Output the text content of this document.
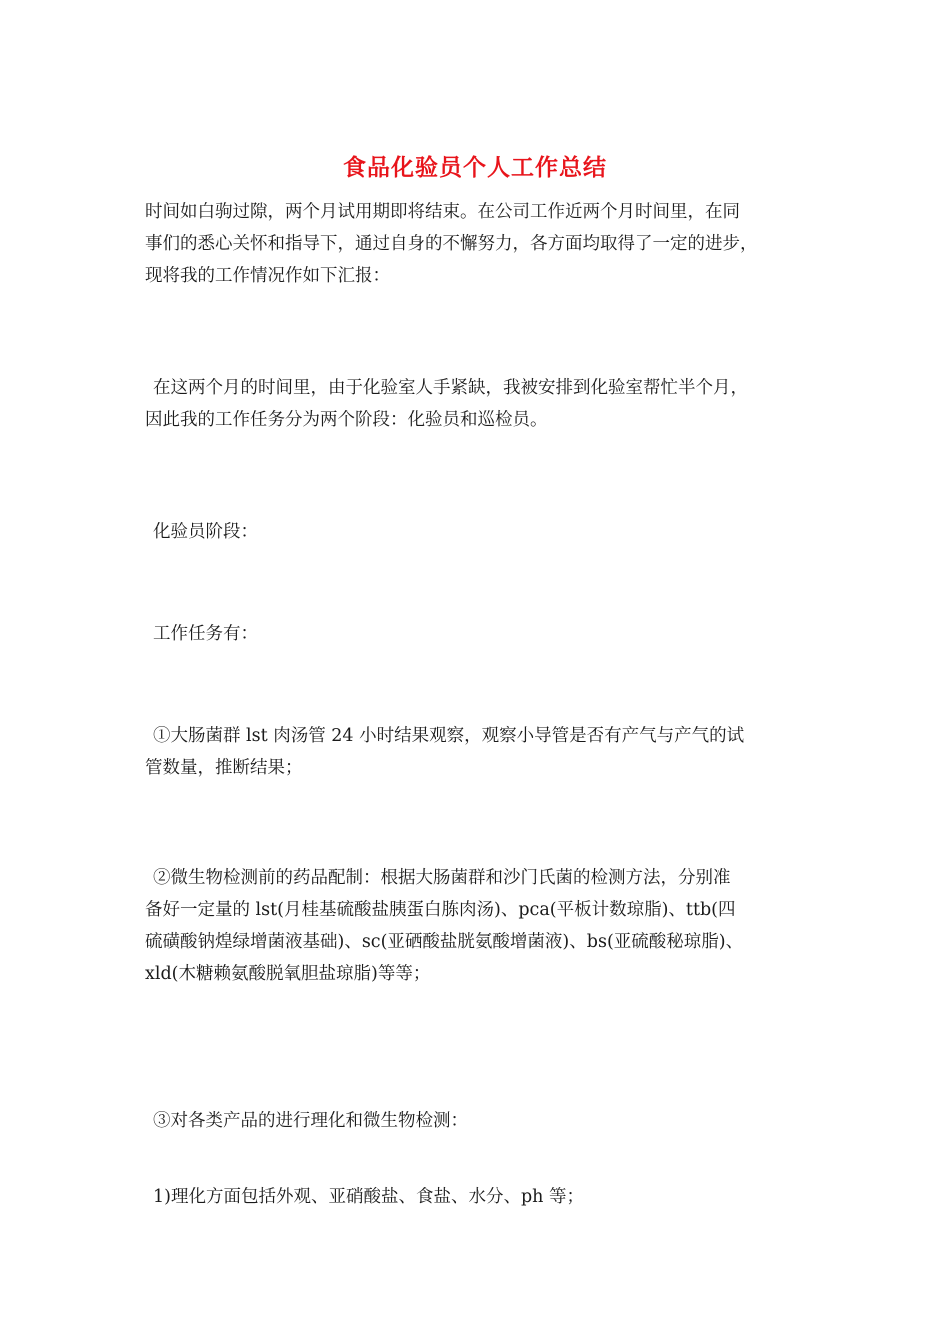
食品化验员个人工作总结
时间如白驹过隙，两个月试用期即将结束。在公司工作近两个月时间里，在同
事们的悉心关怀和指导下，通过自身的不懈努力，各方面均取得了一定的进步，
现将我的工作情况作如下汇报：
在这两个月的时间里，由于化验室人手紧缺，我被安排到化验室帮忙半个月，
因此我的工作任务分为两个阶段：化验员和巡检员。
化验员阶段：
工作任务有：
①大肠菌群 lst 肉汤管 24 小时结果观察，观察小导管是否有产气与产气的试
管数量，推断结果；
②微生物检测前的药品配制：根据大肠菌群和沙门氏菌的检测方法，分别准
备好一定量的 lst(月桂基硫酸盐胰蛋白胨肉汤)、pca(平板计数琼脂)、ttb(四
硫磺酸钠煌绿增菌液基础)、sc(亚硒酸盐胱氨酸增菌液)、bs(亚硫酸秘琼脂)、
xld(木糖赖氨酸脱氧胆盐琼脂)等等；
③对各类产品的进行理化和微生物检测：
1)理化方面包括外观、亚硝酸盐、食盐、水分、ph 等；
